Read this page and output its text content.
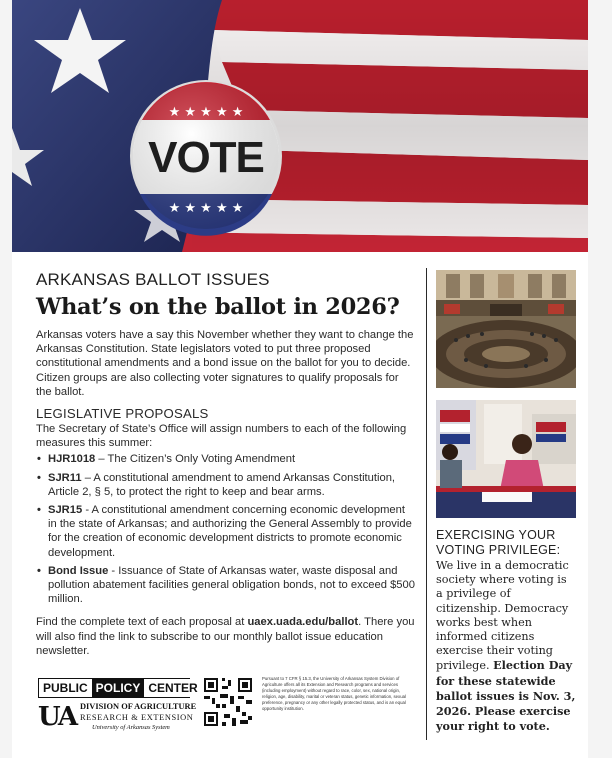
★ ★ ★ ★ ★
★ ★ ★ ★ ★
VOTE

ARKANSAS BALLOT ISSUES

What’s on the ballot in 2026?

Arkansas voters have a say this November whether they want to change the Arkansas Constitution. State legislators voted to put three proposed constitutional amendments and a bond issue on the ballot for you to decide. Citizen groups are also collecting voter signatures to qualify proposals for the ballot.

LEGISLATIVE PROPOSALS

The Secretary of State’s Office will assign numbers to each of the following measures this summer:

• HJR1018 – The Citizen’s Only Voting Amendment
• SJR11 – A constitutional amendment to amend Arkansas Constitution, Article 2, § 5, to protect the right to keep and bear arms.
• SJR15 - A constitutional amendment concerning economic development in the state of Arkansas; and authorizing the General Assembly to provide for the creation of economic development districts to promote economic development.
• Bond Issue - Issuance of State of Arkansas water, waste disposal and pollution abatement facilities general obligation bonds, not to exceed $500 million.

Find the complete text of each proposal at uaex.uada.edu/ballot. There you will also find the link to subscribe to our monthly ballot issue education newsletter.

EXERCISING YOUR VOTING PRIVILEGE:

We live in a democratic society where voting is a privilege of citizenship. Democracy works best when informed citizens exercise their voting privilege. Election Day for these statewide ballot issues is Nov. 3, 2026. Please exercise your right to vote.

PUBLIC POLICY CENTER
UA DIVISION OF AGRICULTURE
RESEARCH & EXTENSION
University of Arkansas System
Pursuant to 7 CFR § 15.3, the University of Arkansas System Division of Agriculture offers all its Extension and Research programs and services (including employment) without regard to race, color, sex, national origin, religion, age, disability, marital or veteran status, genetic information, sexual preference, pregnancy or any other legally protected status, and is an equal opportunity institution.
